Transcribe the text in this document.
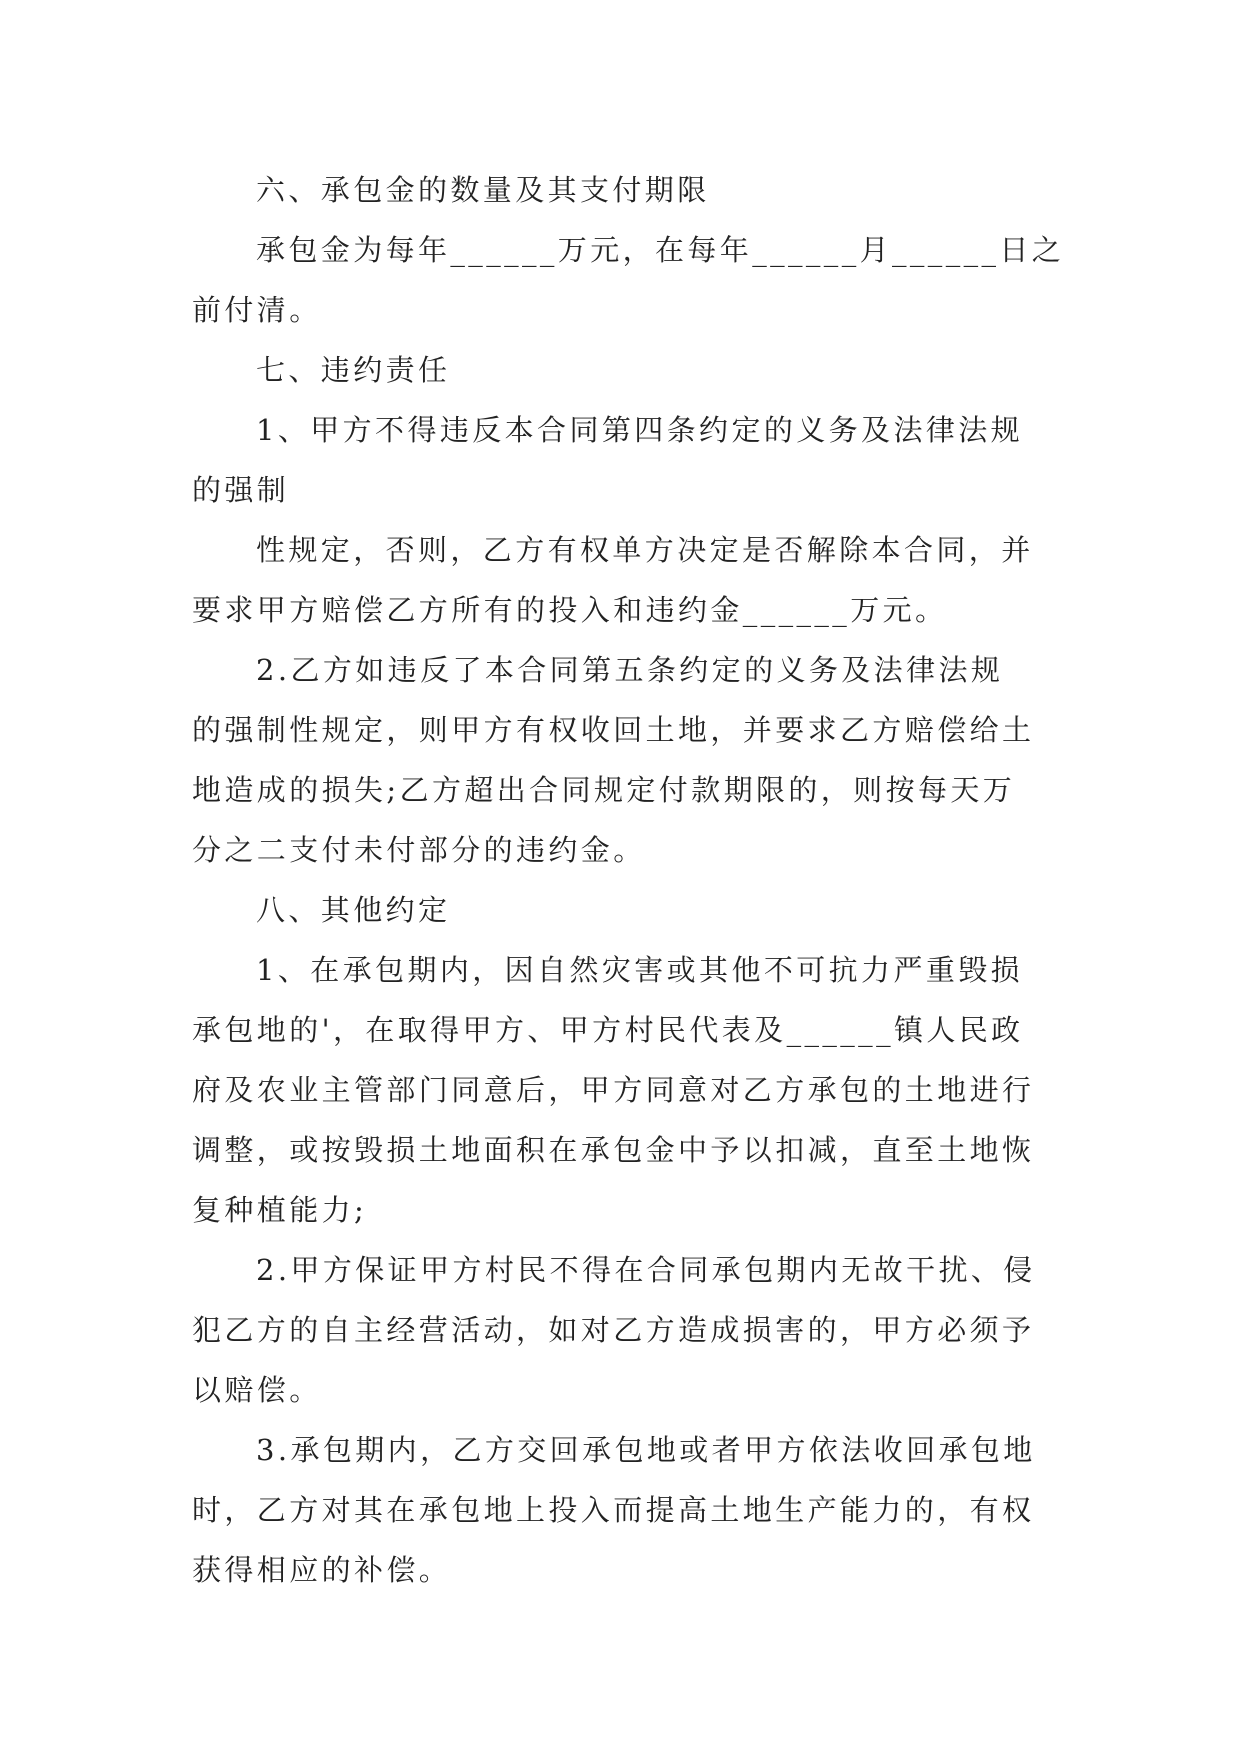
六、承包金的数量及其支付期限
承包金为每年______万元，在每年______月______日之
前付清。
七、违约责任
1、甲方不得违反本合同第四条约定的义务及法律法规
的强制
性规定，否则，乙方有权单方决定是否解除本合同，并
要求甲方赔偿乙方所有的投入和违约金______万元。
2.乙方如违反了本合同第五条约定的义务及法律法规
的强制性规定，则甲方有权收回土地，并要求乙方赔偿给土
地造成的损失;乙方超出合同规定付款期限的，则按每天万
分之二支付未付部分的违约金。
八、其他约定
1、在承包期内，因自然灾害或其他不可抗力严重毁损
承包地的'，在取得甲方、甲方村民代表及______镇人民政
府及农业主管部门同意后，甲方同意对乙方承包的土地进行
调整，或按毁损土地面积在承包金中予以扣减，直至土地恢
复种植能力;
2.甲方保证甲方村民不得在合同承包期内无故干扰、侵
犯乙方的自主经营活动，如对乙方造成损害的，甲方必须予
以赔偿。
3.承包期内，乙方交回承包地或者甲方依法收回承包地
时，乙方对其在承包地上投入而提高土地生产能力的，有权
获得相应的补偿。
